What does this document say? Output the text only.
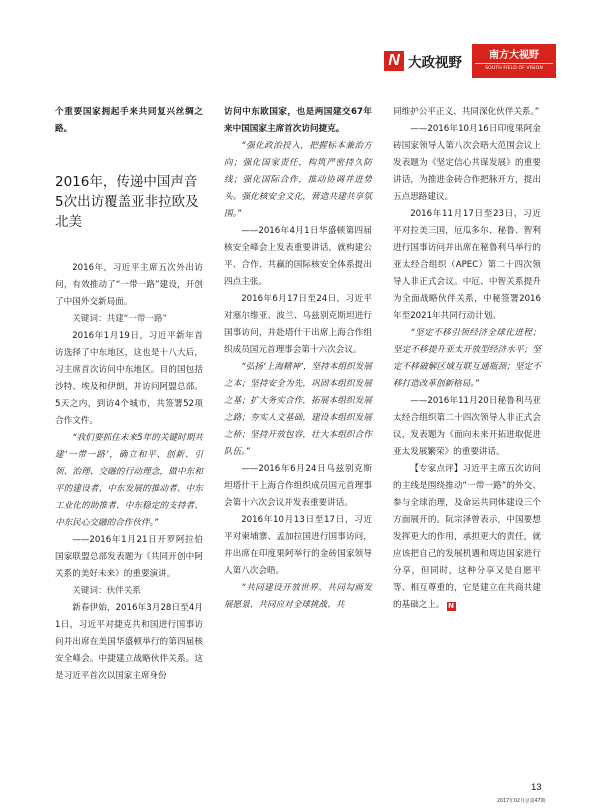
N 大政视野	南方大视野
SOUTH FIELD OF VISION

个重要国家拥起手来共同复兴丝绸之路。

2016年，传递中国声音5次出访覆盖亚非拉欧及北美

2016年，习近平主席五次外出访问，有效推动了“一带一路”建设，开创了中国外交新局面。

关键词：共建“一带一路”

2016年1月19日，习近平新年首访选择了中东地区，这也是十八大后，习主席首次访问中东地区。目的国包括沙特、埃及和伊朗，并访问阿盟总部。5天之内，到访4个城市，共签署52项合作文件。

“我们要抓住未来5年的关键时期共建‘一带一路’，确立和平、创新、引领、治理、交融的行动理念，做中东和平的建设者、中东发展的推动者、中东工业化的助推者、中东稳定的支持者、中东民心交融的合作伙伴。”

——2016年1月21日开罗阿拉伯国家联盟总部发表题为《共同开创中阿关系的美好未来》的重要演讲。

关键词：伙伴关系

新春伊始，2016年3月28日至4月1日，习近平对捷克共和国进行国事访问并出席在美国华盛顿举行的第四届核安全峰会。中捷建立战略伙伴关系。这是习近平首次以国家主席身份

访问中东欧国家，也是两国建交67年来中国国家主席首次访问捷克。

“强化政治投入，把握标本兼治方向；强化国家责任，构筑严密持久防线；强化国际合作，推动协调并进势头。强化核安全文化，营造共建共享氛围。”

——2016年4月1日华盛顿第四届核安全峰会上发表重要讲话，就构建公平、合作、共赢的国际核安全体系提出四点主张。

2016年6月17日至24日，习近平对塞尔维亚、波兰、乌兹别克斯坦进行国事访问，并赴塔什干出席上海合作组织成员国元首理事会第十六次会议。

“弘扬‘上海精神’，坚持本组织发展之本；坚持安全为先，巩固本组织发展之基；扩大务实合作，拓展本组织发展之路；夯实人文基础，建设本组织发展之桥；坚持开放包容，壮大本组织合作队伍。”

——2016年6月24日乌兹别克斯坦塔什干上海合作组织成员国元首理事会第十六次会议并发表重要讲话。

2016年10月13日至17日，习近平对柬埔寨、孟加拉国进行国事访问，并出席在印度果阿举行的金砖国家领导人第八次会晤。

“共同建设开放世界、共同勾画发展愿景、共同应对全球挑战、共

同维护公平正义、共同深化伙伴关系。”

——2016年10月16日印度果阿金砖国家领导人第八次会晤大范围会议上发表题为《坚定信心共谋发展》的重要讲话，为推进金砖合作把脉开方，提出五点思路建议。

2016年11月17日至23日，习近平对拉美三国，厄瓜多尔、秘鲁、智利进行国事访问并出席在秘鲁利马举行的亚太经合组织（APEC）第二十四次领导人非正式会议。中厄、中智关系提升为全面战略伙伴关系，中秘签署2016年至2021年共同行动计划。

“坚定不移引领经济全球化进程；坚定不移提升亚太开放型经济水平；坚定不移破解区域互联互通瓶颈；坚定不移打造改革创新格局。”

——2016年11月20日秘鲁利马亚太经合组织第二十四次领导人非正式会议，发表题为《面向未来开拓进取促进亚太发展繁荣》的重要讲话。

【专家点评】习近平主席五次访问的主线是围绕推动“一带一路”的外交、参与全球治理，及命运共同体建设三个方面展开的。阮宗泽曾表示，中国要想发挥更大的作用，承担更大的责任，就应该把自己的发展机遇和周边国家进行分享，但同时，这种分享又是自愿平等、相互尊重的，它是建立在共商共建的基础之上。 N

13
2017年02月总第47期
